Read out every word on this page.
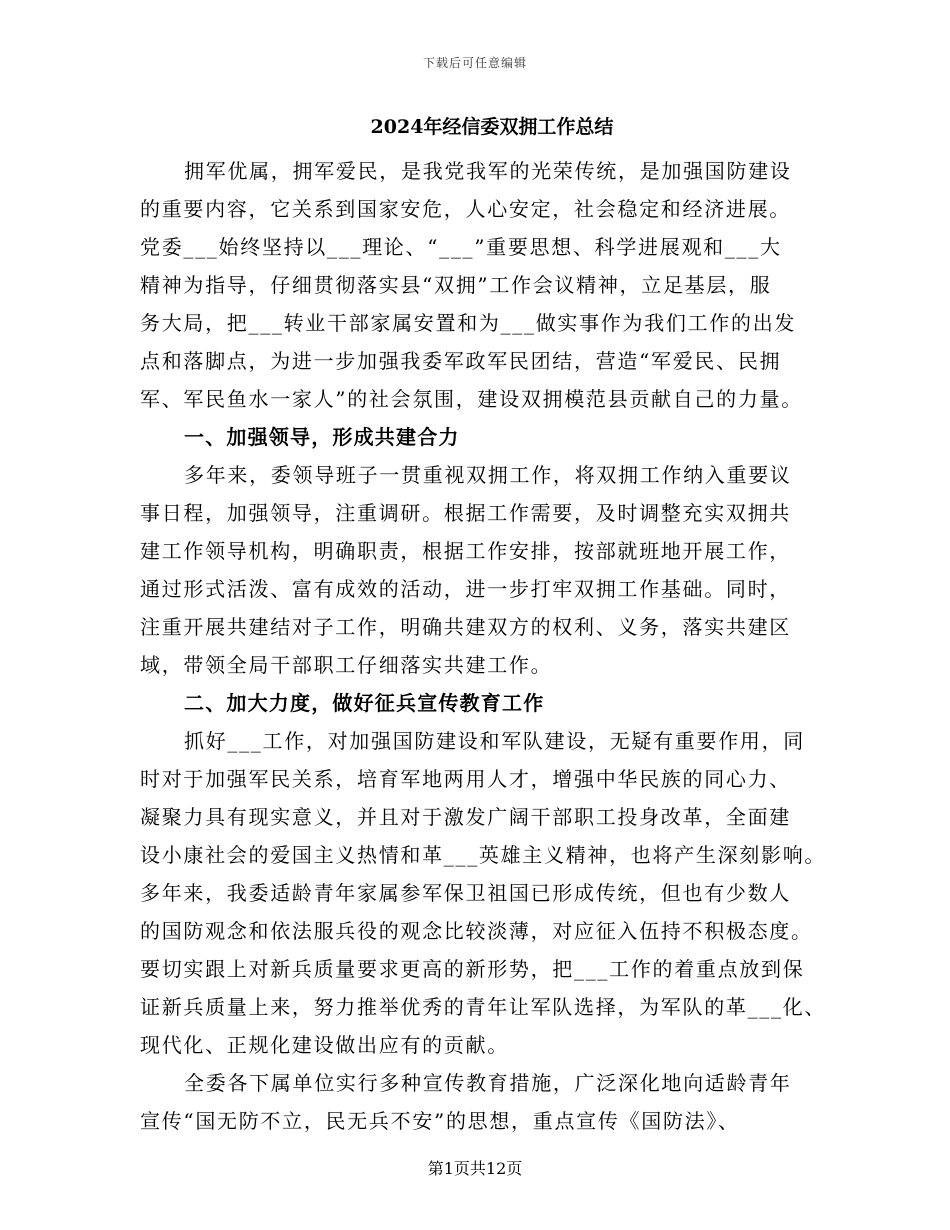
下载后可任意编辑
2024年经信委双拥工作总结

拥军优属，拥军爱民，是我党我军的光荣传统，是加强国防建设
的重要内容，它关系到国家安危，人心安定，社会稳定和经济进展。
党委___始终坚持以___理论、“___”重要思想、科学进展观和___大
精神为指导，仔细贯彻落实县“双拥”工作会议精神，立足基层，服
务大局，把___转业干部家属安置和为___做实事作为我们工作的出发
点和落脚点，为进一步加强我委军政军民团结，营造“军爱民、民拥
军、军民鱼水一家人”的社会氛围，建设双拥模范县贡献自己的力量。

一、加强领导，形成共建合力

多年来，委领导班子一贯重视双拥工作，将双拥工作纳入重要议
事日程，加强领导，注重调研。根据工作需要，及时调整充实双拥共
建工作领导机构，明确职责，根据工作安排，按部就班地开展工作，
通过形式活泼、富有成效的活动，进一步打牢双拥工作基础。同时，
注重开展共建结对子工作，明确共建双方的权利、义务，落实共建区
域，带领全局干部职工仔细落实共建工作。

二、加大力度，做好征兵宣传教育工作

抓好___工作，对加强国防建设和军队建设，无疑有重要作用，同
时对于加强军民关系，培育军地两用人才，增强中华民族的同心力、
凝聚力具有现实意义，并且对于激发广阔干部职工投身改革，全面建
设小康社会的爱国主义热情和革___英雄主义精神，也将产生深刻影响。
多年来，我委适龄青年家属参军保卫祖国已形成传统，但也有少数人
的国防观念和依法服兵役的观念比较淡薄，对应征入伍持不积极态度。
要切实跟上对新兵质量要求更高的新形势，把___工作的着重点放到保
证新兵质量上来，努力推举优秀的青年让军队选择，为军队的革___化、
现代化、正规化建设做出应有的贡献。

全委各下属单位实行多种宣传教育措施，广泛深化地向适龄青年
宣传“国无防不立，民无兵不安”的思想，重点宣传《国防法》、

第1页共12页
